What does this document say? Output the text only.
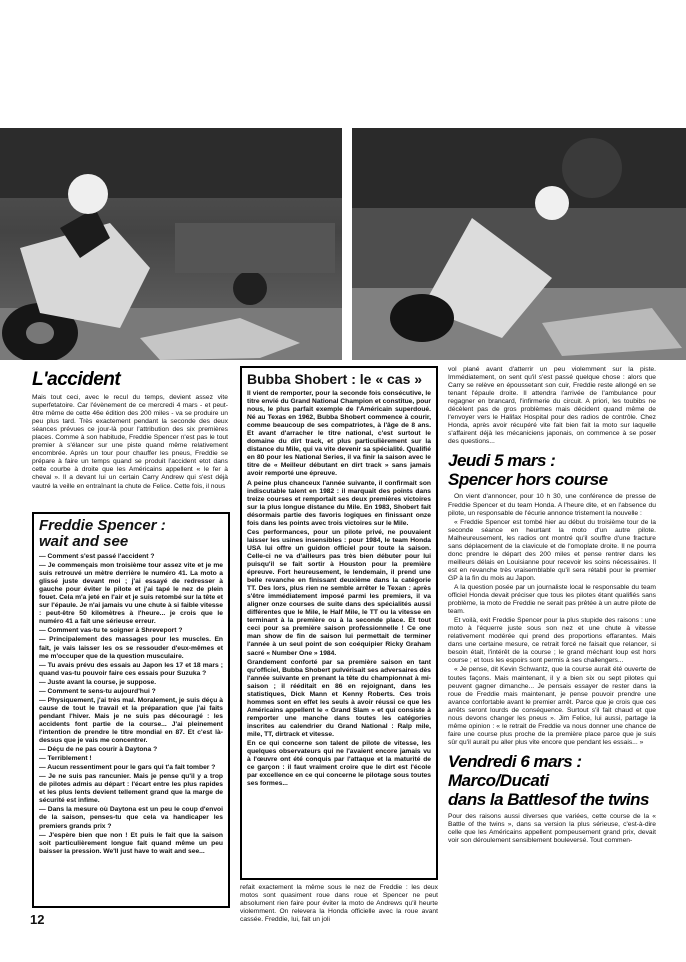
L'accident

Mais tout ceci, avec le recul du temps, devient assez vite superfetatoire. Car l'évènement de ce mercredi 4 mars - et peut-être même de cette 46e édition des 200 miles - va se produire un peu plus tard. Très exactement pendant la seconde des deux séances prévues ce jour-là pour l'attribution des six premières places. Comme à son habitude, Freddie Spencer n'est pas le tout premier à s'élancer sur une piste quand même relativement encombrée. Après un tour pour chauffer les pneus, Freddie se prépare à faire un temps quand se produit l'accident etot dans cette courbe à droite que les Américains appellent « le fer à cheval ». Il a devant lui un certain Carry Andrew qui s'est déjà vautré la veille en entraînant la chute de Felice. Cette fois, il nous

Freddie Spencer :
wait and see

— Comment s'est passé l'accident ?

— Je commençais mon troisième tour assez vite et je me suis retrouvé un mètre derrière le numéro 41. La moto a glissé juste devant moi ; j'ai essayé de redresser à gauche pour éviter le pilote et j'ai tapé le nez de plein fouet. Cela m'a jeté en l'air et je suis retombé sur la tête et sur l'épaule. Je n'ai jamais vu une chute à si faible vitesse : peut-être 50 kilomètres à l'heure... je crois que le numéro 41 a fait une sérieuse erreur.

— Comment vas-tu te soigner à Shreveport ?

— Principalement des massages pour les muscles. En fait, je vais laisser les os se ressouder d'eux-mêmes et me m'occuper que de la question musculaire.

— Tu avais prévu des essais au Japon les 17 et 18 mars ; quand vas-tu pouvoir faire ces essais pour Suzuka ?

— Juste avant la course, je suppose.

— Comment te sens-tu aujourd'hui ?

— Physiquement, j'ai très mal. Moralement, je suis déçu à cause de tout le travail et la préparation que j'ai faits pendant l'hiver. Mais je ne suis pas découragé : les accidents font partie de la course... J'ai pleinement l'intention de prendre le titre mondial en 87. Et c'est là-dessus que je vais me concentrer.

— Déçu de ne pas courir à Daytona ?

— Terriblement !

— Aucun ressentiment pour le gars qui t'a fait tomber ?

— Je ne suis pas rancunier. Mais je pense qu'il y a trop de pilotes admis au départ : l'écart entre les plus rapides et les plus lents devient tellement grand que la marge de sécurité est infime.

— Dans la mesure où Daytona est un peu le coup d'envoi de la saison, penses-tu que cela va handicaper les premiers grands prix ?

— J'espère bien que non ! Et puis le fait que la saison soit particulièrement longue fait quand même un peu baisser la pression. We'll just have to wait and see...

Bubba Shobert : le « cas »

Il vient de remporter, pour la seconde fois consécutive, le titre envié du Grand National Champion et constitue, pour nous, le plus parfait exemple de l'Américain superdoué. Né au Texas en 1962, Bubba Shobert commence à courir, comme beaucoup de ses compatriotes, à l'âge de 8 ans. Et avant d'arracher le titre national, c'est surtout le domaine du dirt track, et plus particulièrement sur la distance du Mile, qui va vite devenir sa spécialité. Qualifié en 80 pour les National Series, il va finir la saison avec le titre de « Meilleur débutant en dirt track » sans jamais avoir remporté une épreuve.

A peine plus chanceux l'année suivante, il confirmait son indiscutable talent en 1982 : il marquait des points dans treize courses et remportait ses deux premières victoires sur la plus longue distance du Mile. En 1983, Shobert fait désormais partie des favoris logiques en finissant onze fois dans les points avec trois victoires sur le Mile.

Ces performances, pour un pilote privé, ne pouvaient laisser les usines insensibles : pour 1984, le team Honda USA lui offre un guidon officiel pour toute la saison. Celle-ci ne va d'ailleurs pas très bien débuter pour lui puisqu'il se fait sortir à Houston pour la première épreuve. Fort heureusement, le lendemain, il prend une belle revanche en finissant deuxième dans la catégorie TT. Des lors, plus rien ne semble arrêter le Texan : après s'être immédiatement imposé parmi les premiers, il va aligner onze courses de suite dans des spécialités aussi différentes que le Mile, le Half Mile, le TT ou la vitesse en terminant à la première ou à la seconde place. Et tout ceci pour sa première saison professionnelle ! Ce one man show de fin de saison lui permettait de terminer l'année à un seul point de son coéquipier Ricky Graham sacré « Number One » 1984.

Grandement conforté par sa première saison en tant qu'officiel, Bubba Shobert pulvérisait ses adversaires dès l'année suivante en prenant la tête du championnat à mi-saison ; il rééditait en 86 en rejoignant, dans les statistiques, Dick Mann et Kenny Roberts. Ces trois hommes sont en effet les seuls à avoir réussi ce que les Américains appellent le « Grand Slam » et qui consiste à remporter une manche dans toutes les catégories inscrites au calendrier du Grand National : Ralp mile, mile, TT, dirtrack et vitesse.

En ce qui concerne son talent de pilote de vitesse, les quelques observateurs qui ne l'avaient encore jamais vu à l'œuvre ont été conquis par l'attaque et la maturité de ce garçon : il faut vraiment croire que le dirt est l'école par excellence en ce qui concerne le pilotage sous toutes ses formes...

refait exactement la même sous le nez de Freddie : les deux motos sont quasiment roue dans roue et Spencer ne peut absolument rien faire pour éviter la moto de Andrews qu'il heurte violemment. On relevera la Honda officielle avec la roue avant cassée. Freddie, lui, fait un joli

vol plané avant d'atterrir un peu violemment sur la piste. Immédiatement, on sent qu'il s'est passé quelque chose : alors que Carry se relève en époussetant son cuir, Freddie reste allongé en se tenant l'épaule droite. Il attendra l'arrivée de l'ambulance pour regagner en brancard, l'infirmerie du circuit. A priori, les toubibs ne décèlent pas de gros problèmes mais décident quand même de l'envoyer vers le Halifax Hospital pour des radios de contrôle. Chez Honda, après avoir récupéré vite fait bien fait la moto sur laquelle s'affairent déjà les mécaniciens japonais, on commence à se poser des questions...

Jeudi 5 mars :
Spencer hors course

On vient d'annoncer, pour 10 h 30, une conférence de presse de Freddie Spencer et du team Honda. A l'heure dite, et en l'absence du pilote, un responsable de l'écurie annonce tristement la nouvelle :

« Freddie Spencer est tombé hier au début du troisième tour de la seconde séance en heurtant la moto d'un autre pilote. Malheureusement, les radios ont montré qu'il souffre d'une fracture sans déplacement de la clavicule et de l'omoplate droite. Il ne pourra donc prendre le départ des 200 miles et pense rentrer dans les meilleurs délais en Louisianne pour recevoir les soins nécessaires. Il est en revanche très vraisemblable qu'il sera rétabli pour le premier GP à la fin du mois au Japon.

A la question posée par un journaliste local le responsable du team officiel Honda devait préciser que tous les pilotes étant qualifiés sans problème, la moto de Freddie ne serait pas prêtée à un autre pilote de team.

Et voilà, exit Freddie Spencer pour la plus stupide des raisons : une moto à l'équerre juste sous son nez et une chute à vitesse relativement modérée qui prend des proportions effarantes. Mais dans une certaine mesure, ce retrait forcé ne faisait que relancer, si besoin était, l'intérêt de la course ; le grand méchant loup est hors course ; et tous les espoirs sont permis à ses challengers...

« Je pense, dit Kevin Schwantz, que la course aurait été ouverte de toutes façons. Mais maintenant, il y a bien six ou sept pilotes qui peuvent gagner dimanche... Je pensais essayer de rester dans la roue de Freddie mais maintenant, je pense pouvoir prendre une avance confortable avant le premier arrêt. Parce que je crois que ces arrêts seront lourds de conséquence. Surtout s'il fait chaud et que nous devons changer les pneus ». Jim Felice, lui aussi, partage la même opinion : « le retrait de Freddie va nous donner une chance de faire une course plus proche de la première place parce que je suis sûr qu'il aurait pu aller plus vite encore que pendant les essais... »

Vendredi 6 mars :
Marco/Ducati
dans la Battlesof the twins

Pour des raisons aussi diverses que variées, cette course de la « Battle of the twins », dans sa version la plus sérieuse, c'est-à-dire celle que les Américains appellent pompeusement grand prix, devait voir son déroulement sensiblement bouleversé. Tout commen-

12
